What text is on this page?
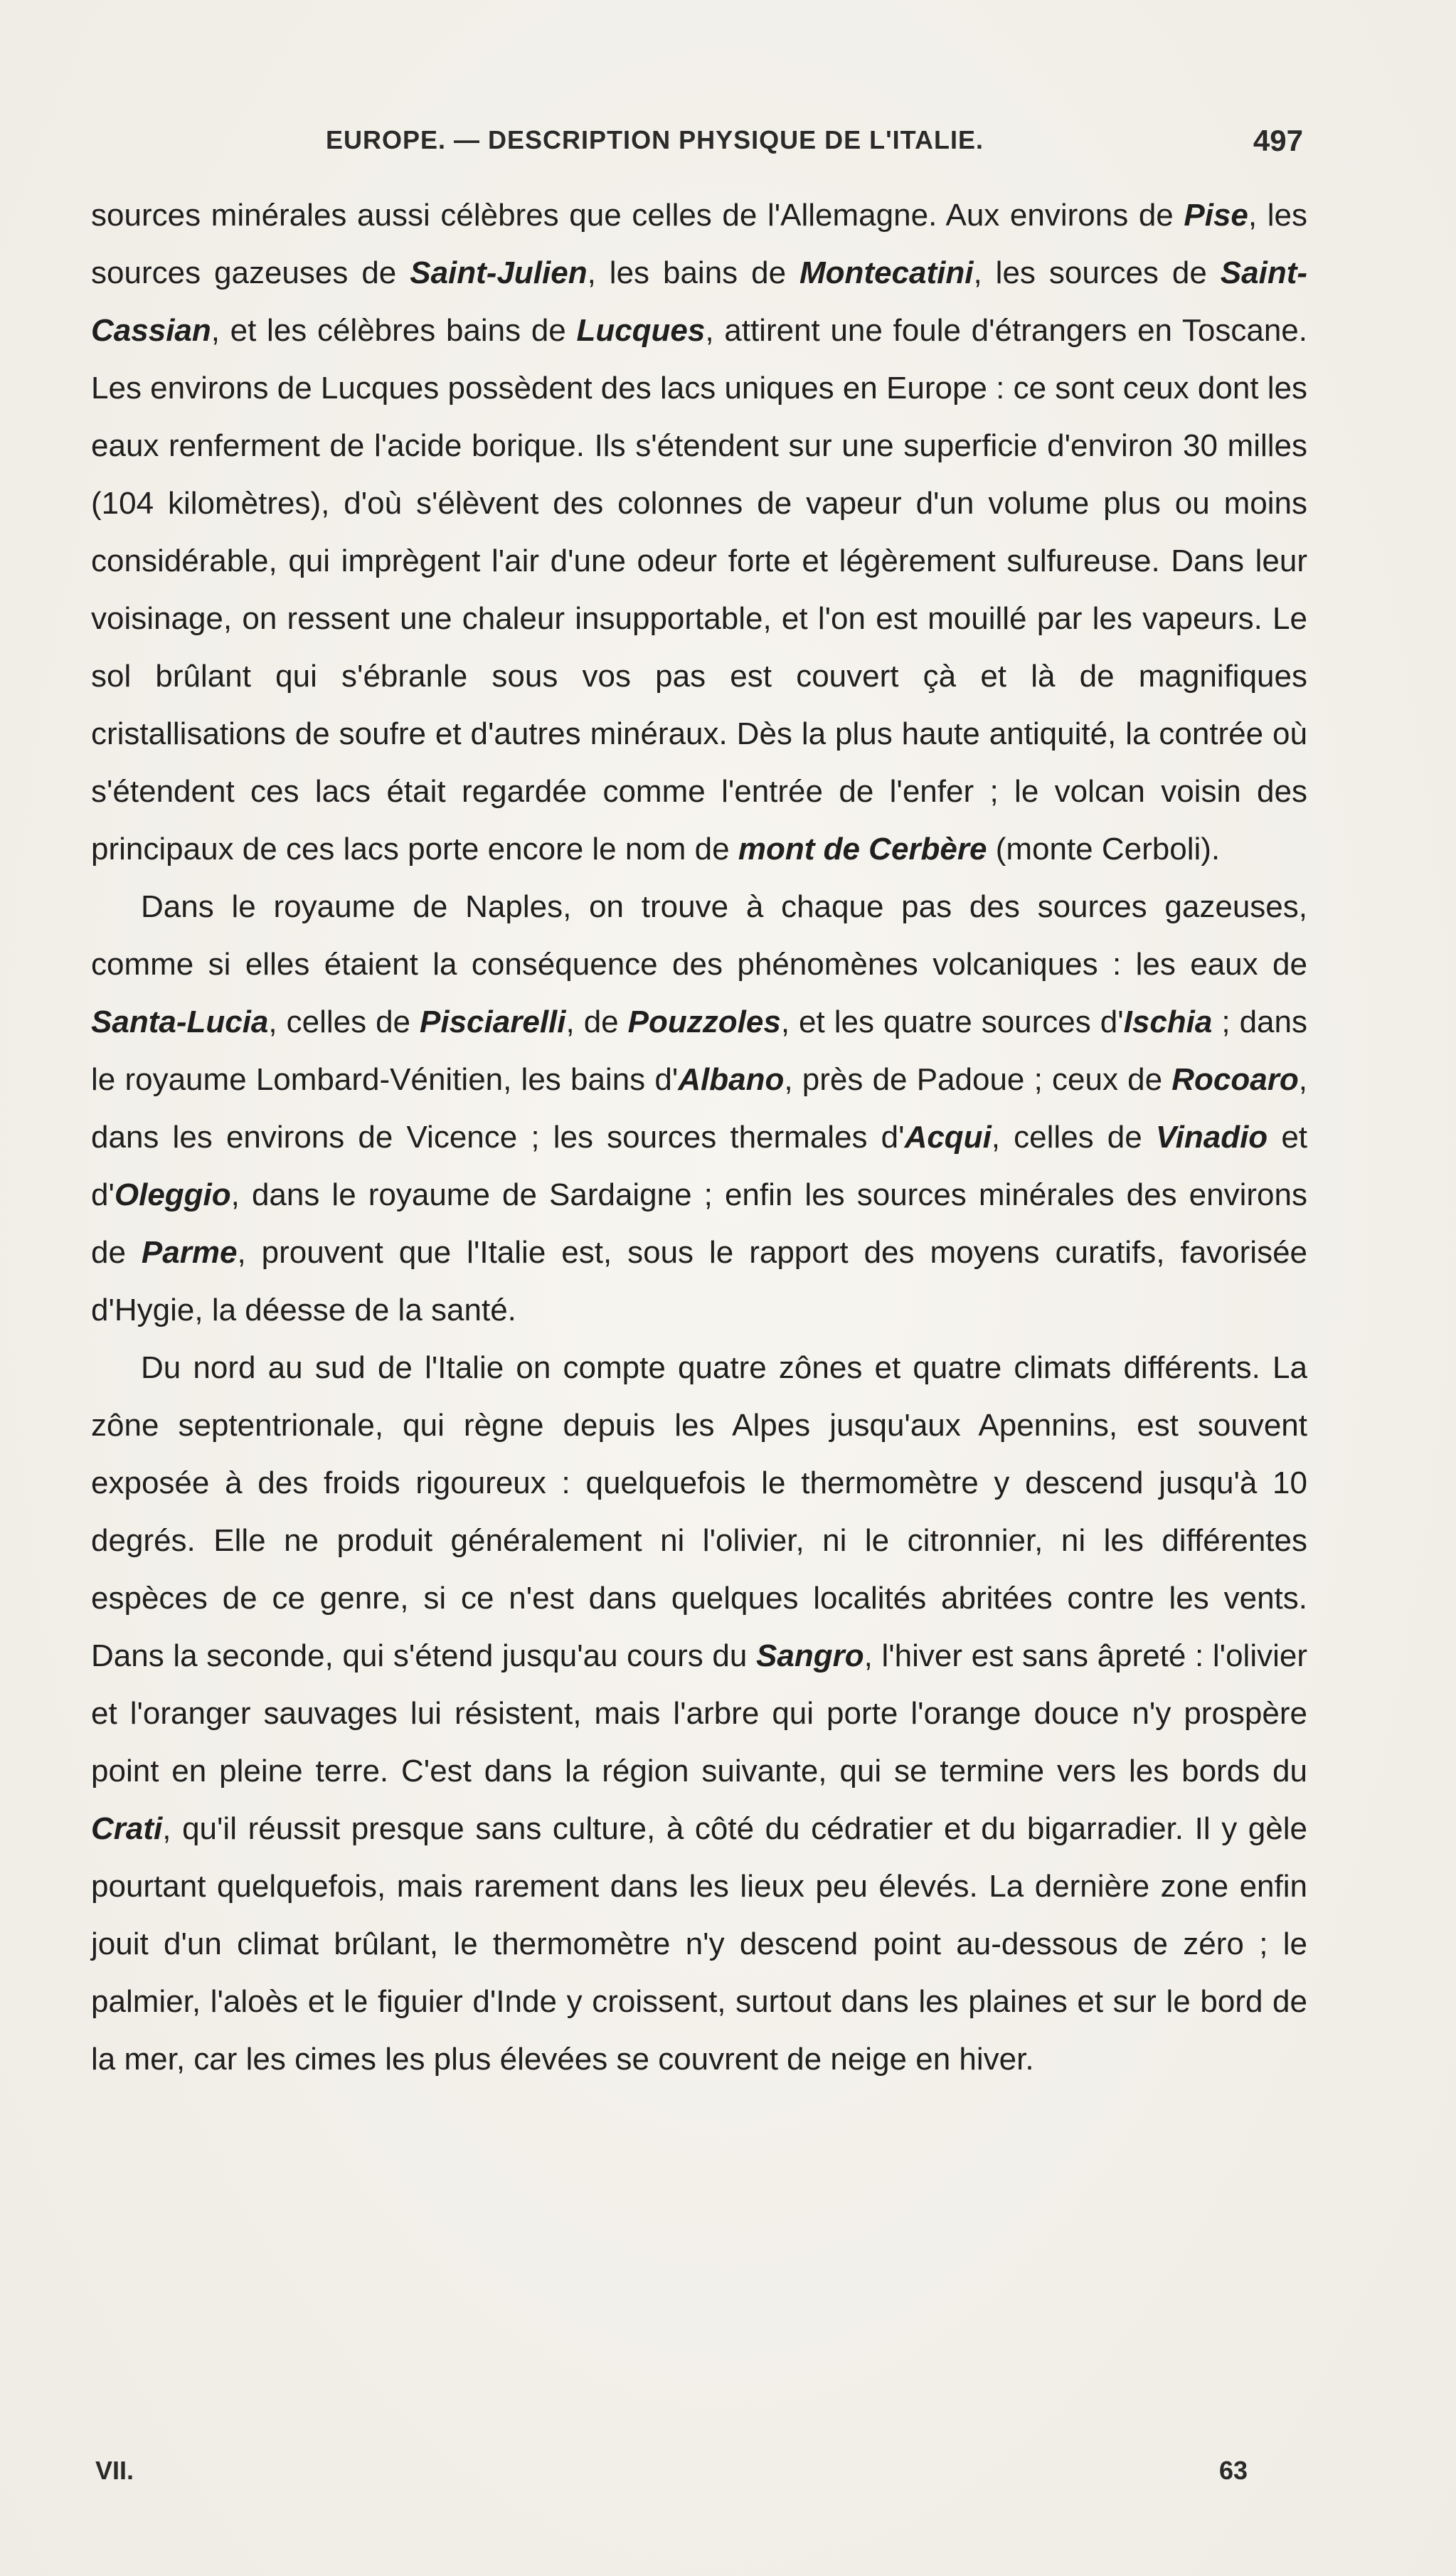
EUROPE. — DESCRIPTION PHYSIQUE DE L'ITALIE.	497

sources minérales aussi célèbres que celles de l'Allemagne. Aux environs de Pise, les sources gazeuses de Saint-Julien, les bains de Montecatini, les sources de Saint-Cassian, et les célèbres bains de Lucques, attirent une foule d'étrangers en Toscane. Les environs de Lucques possèdent des lacs uniques en Europe : ce sont ceux dont les eaux renferment de l'acide borique. Ils s'étendent sur une superficie d'environ 30 milles (104 kilomètres), d'où s'élèvent des colonnes de vapeur d'un volume plus ou moins considérable, qui imprègent l'air d'une odeur forte et légèrement sulfureuse. Dans leur voisinage, on ressent une chaleur insupportable, et l'on est mouillé par les vapeurs. Le sol brûlant qui s'ébranle sous vos pas est couvert çà et là de magnifiques cristallisations de soufre et d'autres minéraux. Dès la plus haute antiquité, la contrée où s'étendent ces lacs était regardée comme l'entrée de l'enfer ; le volcan voisin des principaux de ces lacs porte encore le nom de mont de Cerbère (monte Cerboli).

Dans le royaume de Naples, on trouve à chaque pas des sources gazeuses, comme si elles étaient la conséquence des phénomènes volcaniques : les eaux de Santa-Lucia, celles de Pisciarelli, de Pouzzoles, et les quatre sources d'Ischia ; dans le royaume Lombard-Vénitien, les bains d'Albano, près de Padoue ; ceux de Rocoaro, dans les environs de Vicence ; les sources thermales d'Acqui, celles de Vinadio et d'Oleggio, dans le royaume de Sardaigne ; enfin les sources minérales des environs de Parme, prouvent que l'Italie est, sous le rapport des moyens curatifs, favorisée d'Hygie, la déesse de la santé.

Du nord au sud de l'Italie on compte quatre zônes et quatre climats différents. La zône septentrionale, qui règne depuis les Alpes jusqu'aux Apennins, est souvent exposée à des froids rigoureux : quelquefois le thermomètre y descend jusqu'à 10 degrés. Elle ne produit généralement ni l'olivier, ni le citronnier, ni les différentes espèces de ce genre, si ce n'est dans quelques localités abritées contre les vents. Dans la seconde, qui s'étend jusqu'au cours du Sangro, l'hiver est sans âpreté : l'olivier et l'oranger sauvages lui résistent, mais l'arbre qui porte l'orange douce n'y prospère point en pleine terre. C'est dans la région suivante, qui se termine vers les bords du Crati, qu'il réussit presque sans culture, à côté du cédratier et du bigarradier. Il y gèle pourtant quelquefois, mais rarement dans les lieux peu élevés. La dernière zone enfin jouit d'un climat brûlant, le thermomètre n'y descend point au-dessous de zéro ; le palmier, l'aloès et le figuier d'Inde y croissent, surtout dans les plaines et sur le bord de la mer, car les cimes les plus élevées se couvrent de neige en hiver.

VII.	63
